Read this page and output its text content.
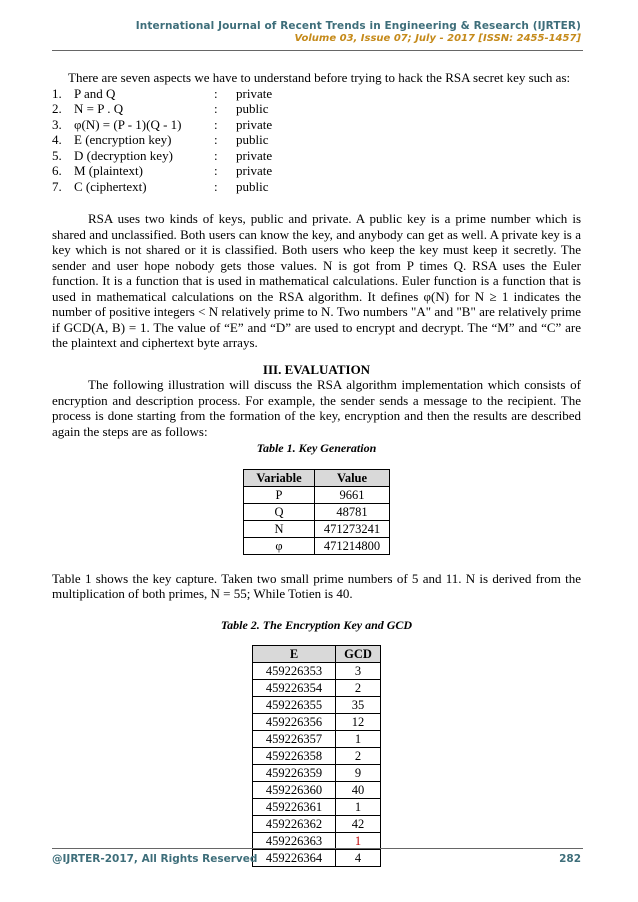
International Journal of Recent Trends in Engineering & Research (IJRTER)
Volume 03, Issue 07; July - 2017 [ISSN: 2455-1457]

There are seven aspects we have to understand before trying to hack the RSA secret key such as:

1. P and Q	:	private
2. N = P . Q	:	public
3. φ(N) = (P - 1)(Q - 1)	:	private
4. E (encryption key)	:	public
5. D (decryption key)	:	private
6. M (plaintext)	:	private
7. C (ciphertext)	:	public

RSA uses two kinds of keys, public and private. A public key is a prime number which is shared and unclassified. Both users can know the key, and anybody can get as well. A private key is a key which is not shared or it is classified. Both users who keep the key must keep it secretly. The sender and user hope nobody gets those values. N is got from P times Q. RSA uses the Euler function. It is a function that is used in mathematical calculations. Euler function is a function that is used in mathematical calculations on the RSA algorithm. It defines φ(N) for N ≥ 1 indicates the number of positive integers < N relatively prime to N. Two numbers "A" and "B" are relatively prime if GCD(A, B) = 1. The value of “E” and “D” are used to encrypt and decrypt. The “M” and “C” are the plaintext and ciphertext byte arrays.

III. EVALUATION

The following illustration will discuss the RSA algorithm implementation which consists of encryption and description process. For example, the sender sends a message to the recipient. The process is done starting from the formation of the key, encryption and then the results are described again the steps are as follows:

Table 1. Key Generation

Variable	Value
P	9661
Q	48781
N	471273241
φ	471214800

Table 1 shows the key capture. Taken two small prime numbers of 5 and 11. N is derived from the multiplication of both primes, N = 55; While Totien is 40.

Table 2. The Encryption Key and GCD

E	GCD
459226353	3
459226354	2
459226355	35
459226356	12
459226357	1
459226358	2
459226359	9
459226360	40
459226361	1
459226362	42
459226363	1
459226364	4
@IJRTER-2017, All Rights Reserved	282
